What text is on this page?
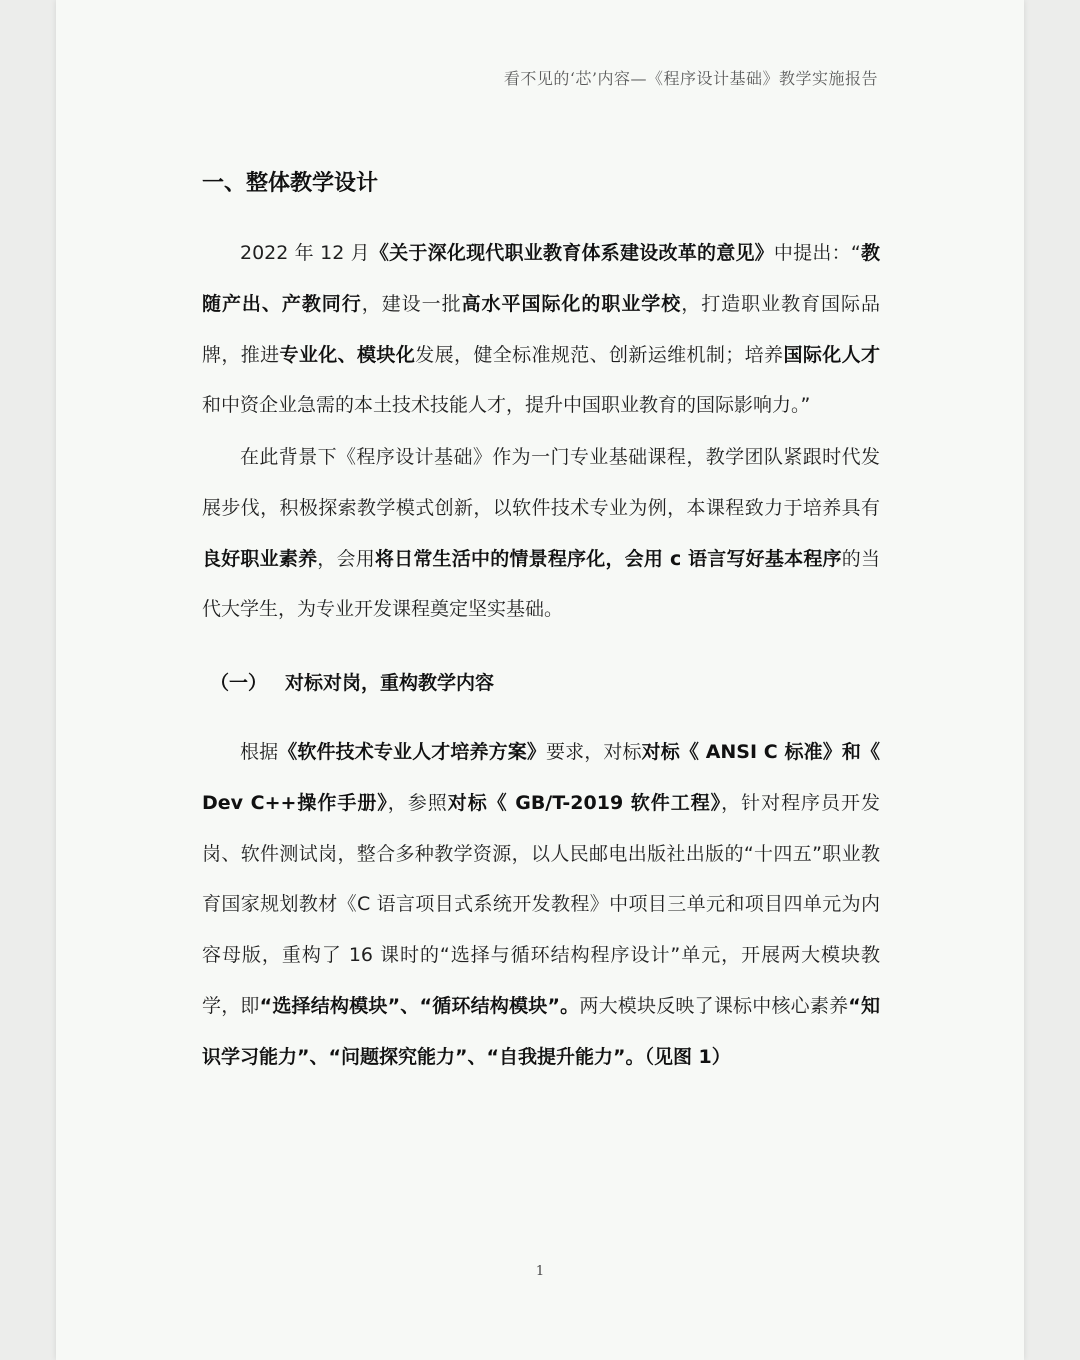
看不见的‘芯’内容—《程序设计基础》教学实施报告
一、整体教学设计

2022 年 12 月《关于深化现代职业教育体系建设改革的意见》中提出：“教随产出、产教同行，建设一批高水平国际化的职业学校，打造职业教育国际品牌，推进专业化、模块化发展，健全标准规范、创新运维机制；培养国际化人才和中资企业急需的本土技术技能人才，提升中国职业教育的国际影响力。”

在此背景下《程序设计基础》作为一门专业基础课程，教学团队紧跟时代发展步伐，积极探索教学模式创新，以软件技术专业为例，本课程致力于培养具有良好职业素养，会用将日常生活中的情景程序化，会用 c 语言写好基本程序的当代大学生，为专业开发课程奠定坚实基础。

（一） 对标对岗，重构教学内容

根据《软件技术专业人才培养方案》要求，对标对标《 ANSI C 标准》和《 Dev C++操作手册》，参照对标《 GB/T-2019 软件工程》，针对程序员开发岗、软件测试岗，整合多种教学资源，以人民邮电出版社出版的“十四五”职业教育国家规划教材《C 语言项目式系统开发教程》中项目三单元和项目四单元为内容母版，重构了 16 课时的“选择与循环结构程序设计”单元，开展两大模块教学，即“选择结构模块”、“循环结构模块”。两大模块反映了课标中核心素养“知识学习能力”、“问题探究能力”、“自我提升能力”。（见图 1）

1
